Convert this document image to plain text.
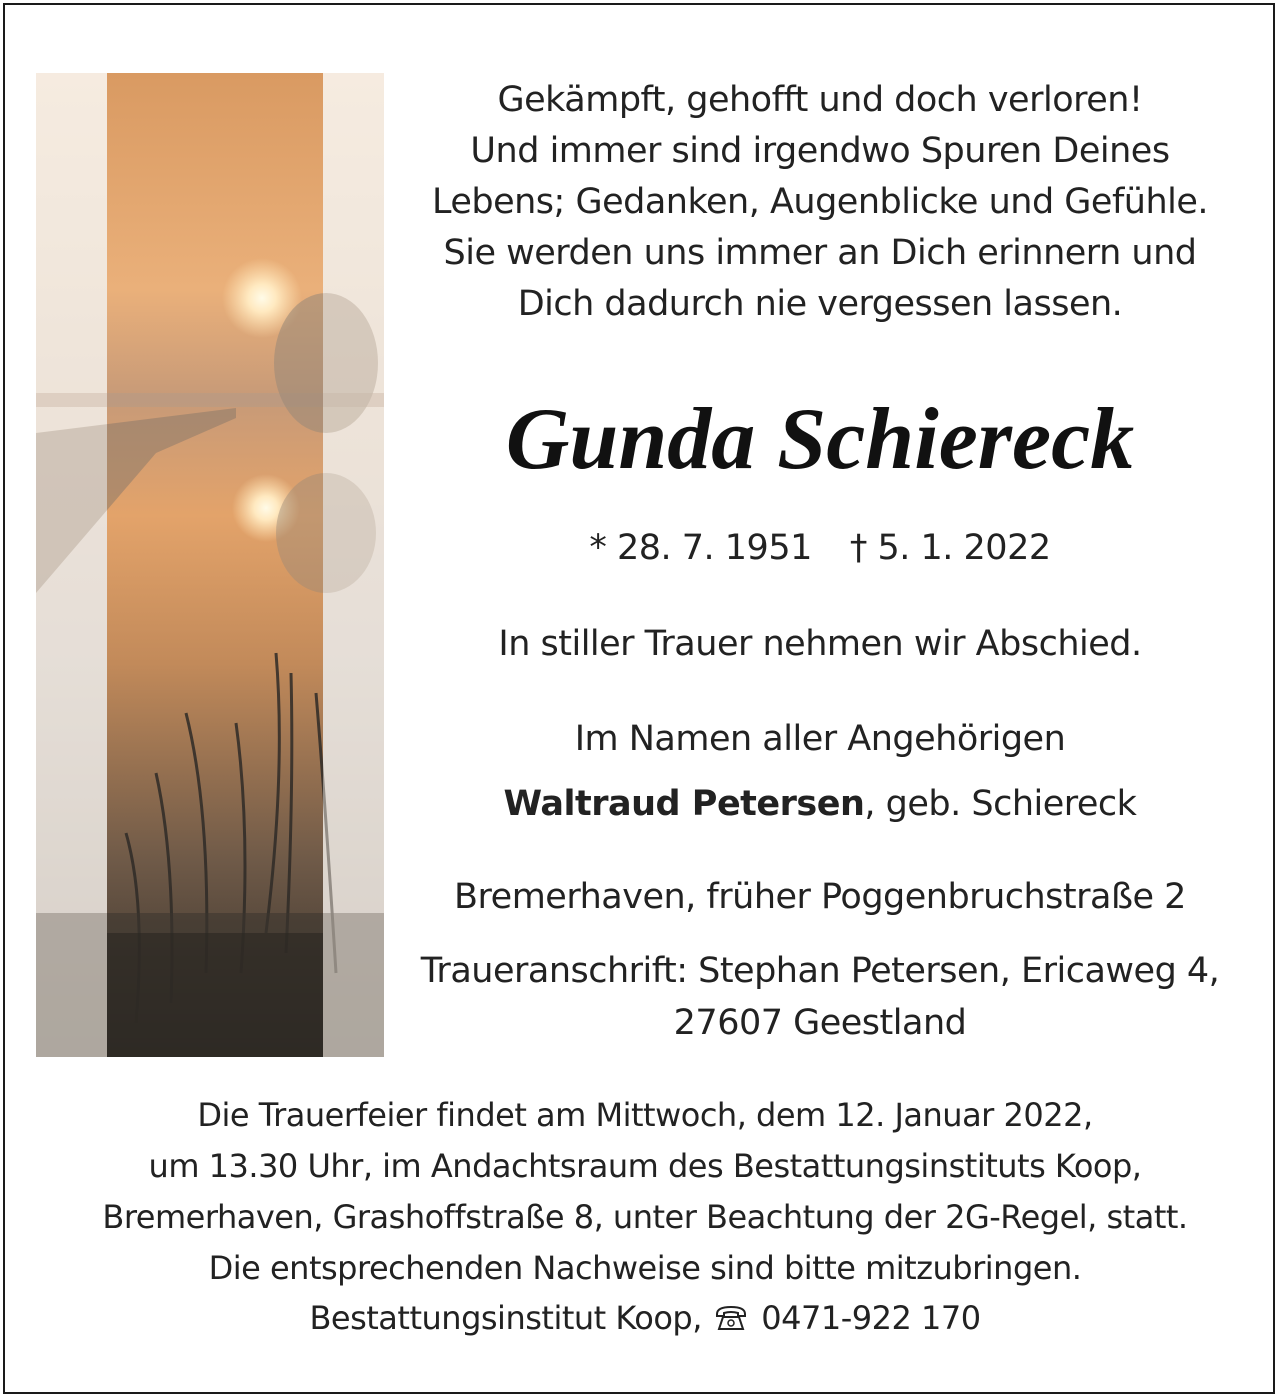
Gekämpft, gehofft und doch verloren!
Und immer sind irgendwo Spuren Deines
Lebens; Gedanken, Augenblicke und Gefühle.
Sie werden uns immer an Dich erinnern und
Dich dadurch nie vergessen lassen.
Gunda Schiereck
* 28. 7. 1951 † 5. 1. 2022
In stiller Trauer nehmen wir Abschied.
Im Namen aller Angehörigen
Waltraud Petersen, geb. Schiereck
Bremerhaven, früher Poggenbruchstraße 2
Traueranschrift: Stephan Petersen, Ericaweg 4,
27607 Geestland
Die Trauerfeier findet am Mittwoch, dem 12. Januar 2022,
um 13.30 Uhr, im Andachtsraum des Bestattungsinstituts Koop,
Bremerhaven, Grashoffstraße 8, unter Beachtung der 2G-Regel, statt.
Die entsprechenden Nachweise sind bitte mitzubringen.
Bestattungsinstitut Koop, 0471-922 170
